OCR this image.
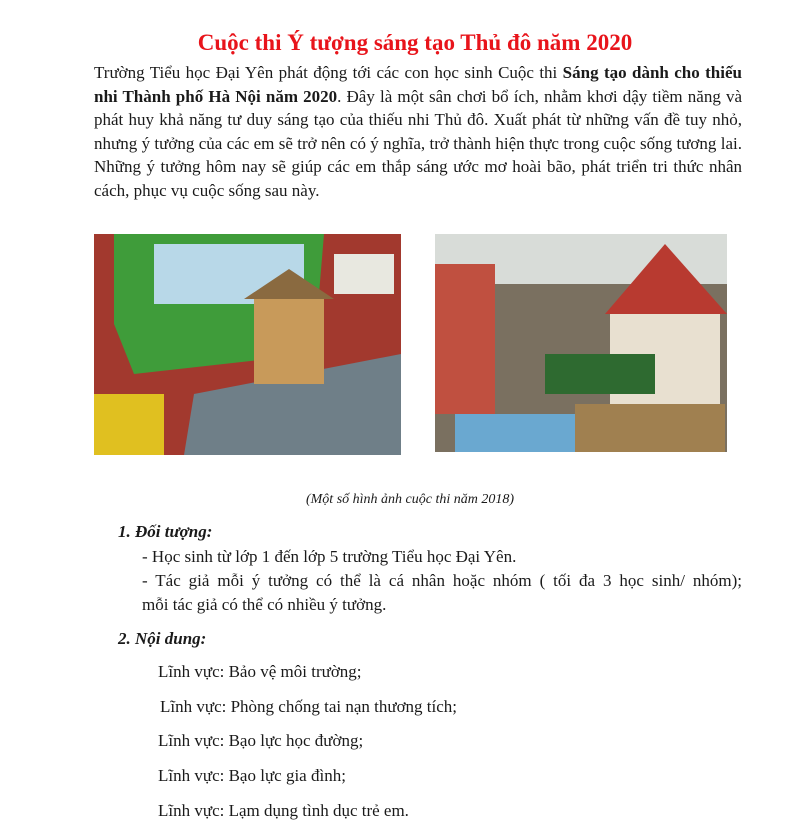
Cuộc thi Ý tượng sáng tạo Thủ đô năm 2020
Trường Tiểu học Đại Yên phát động tới các con học sinh Cuộc thi Sáng tạo dành cho thiếu nhi Thành phố Hà Nội năm 2020. Đây là một sân chơi bổ ích, nhằm khơi dậy tiềm năng và phát huy khả năng tư duy sáng tạo của thiếu nhi Thủ đô. Xuất phát từ những vấn đề tuy nhỏ, nhưng ý tưởng của các em sẽ trở nên có ý nghĩa, trở thành hiện thực trong cuộc sống tương lai. Những ý tưởng hôm nay sẽ giúp các em thắp sáng ước mơ hoài bão, phát triển tri thức nhân cách, phục vụ cuộc sống sau này.
(Một số hình ảnh cuộc thi năm 2018)
1. Đối tượng:
- Học sinh từ lớp 1 đến lớp 5 trường Tiểu học Đại Yên.
- Tác giả mỗi ý tưởng có thể là cá nhân hoặc nhóm ( tối đa 3 học sinh/ nhóm);
mỗi tác giả có thể có nhiều ý tưởng.
2. Nội dung:
Lĩnh vực: Bảo vệ môi trường;
Lĩnh vực: Phòng chống tai nạn thương tích;
Lĩnh vực: Bạo lực học đường;
Lĩnh vực: Bạo lực gia đình;
Lĩnh vực: Lạm dụng tình dục trẻ em.
